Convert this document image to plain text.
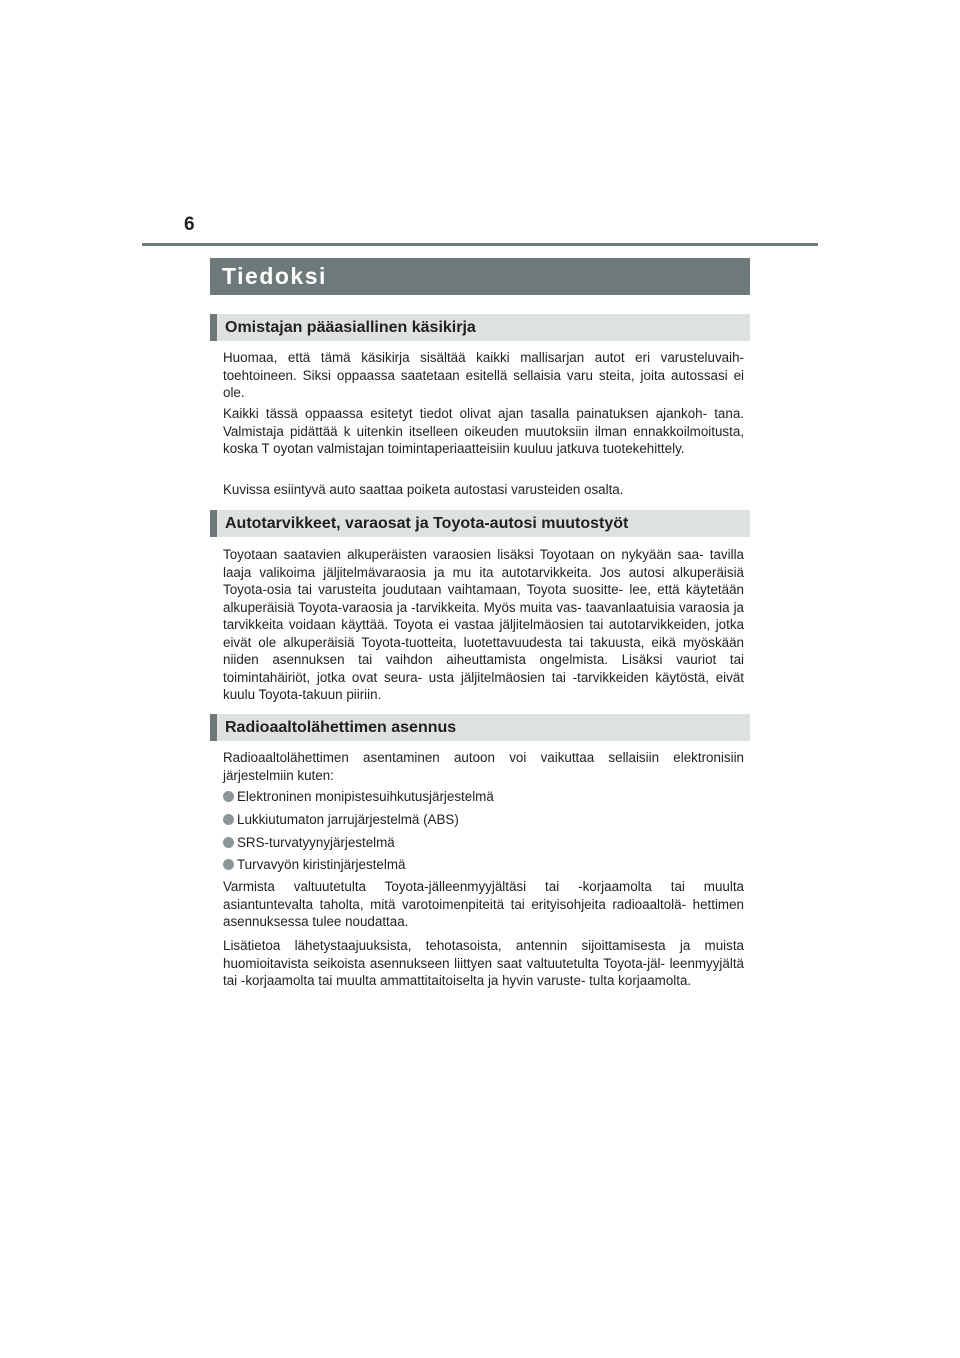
6
Tiedoksi
Omistajan pääasiallinen käsikirja

Huomaa, että tämä käsikirja sisältää kaikki mallisarjan autot eri varusteluvaih- toehtoineen. Siksi oppaassa saatetaan esitellä sellaisia varu steita, joita autossasi ei ole.

Kaikki tässä oppaassa esitetyt tiedot olivat ajan tasalla painatuksen ajankoh- tana. Valmistaja pidättää k uitenkin itselleen oikeuden muutoksiin ilman ennakkoilmoitusta, koska T oyotan valmistajan toimintaperiaatteisiin kuuluu jatkuva tuotekehittely.

Kuvissa esiintyvä auto saattaa poiketa autostasi varusteiden osalta.

Autotarvikkeet, varaosat ja Toyota-autosi muutostyöt

Toyotaan saatavien alkuperäisten varaosien lisäksi Toyotaan on nykyään saa- tavilla laaja valikoima jäljitelmävaraosia ja mu ita autotarvikkeita. Jos autosi alkuperäisiä Toyota-osia tai varusteita joudutaan vaihtamaan, Toyota suositte- lee, että käytetään alkuperäisiä Toyota-varaosia ja -tarvikkeita. Myös muita vas- taavanlaatuisia varaosia ja tarvikkeita voidaan käyttää. Toyota ei vastaa jäljitelmäosien tai autotarvikkeiden, jotka eivät ole alkuperäisiä Toyota-tuotteita, luotettavuudesta tai takuusta, eikä myöskään niiden asennuksen tai vaihdon aiheuttamista ongelmista. Lisäksi vauriot tai toimintahäiriöt, jotka ovat seura- usta jäljitelmäosien tai -tarvikkeiden käytöstä, eivät kuulu Toyota-takuun piiriin.

Radioaaltolähettimen asennus

Radioaaltolähettimen asentaminen autoon voi vaikuttaa sellaisiin elektronisiin järjestelmiin kuten:

Elektroninen monipistesuihkutusjärjestelmä
Lukkiutumaton jarrujärjestelmä (ABS)
SRS-turvatyynyjärjestelmä
Turvavyön kiristinjärjestelmä

Varmista valtuutetulta Toyota-jälleenmyyjältäsi tai -korjaamolta tai muulta asiantuntevalta taholta, mitä varotoimenpiteitä tai erityisohjeita radioaaltolä- hettimen asennuksessa tulee noudattaa.

Lisätietoa lähetystaajuuksista, tehotasoista, antennin sijoittamisesta ja muista huomioitavista seikoista asennukseen liittyen saat valtuutetulta Toyota-jäl- leenmyyjältä tai -korjaamolta tai muulta ammattitaitoiselta ja hyvin varuste- tulta korjaamolta.
